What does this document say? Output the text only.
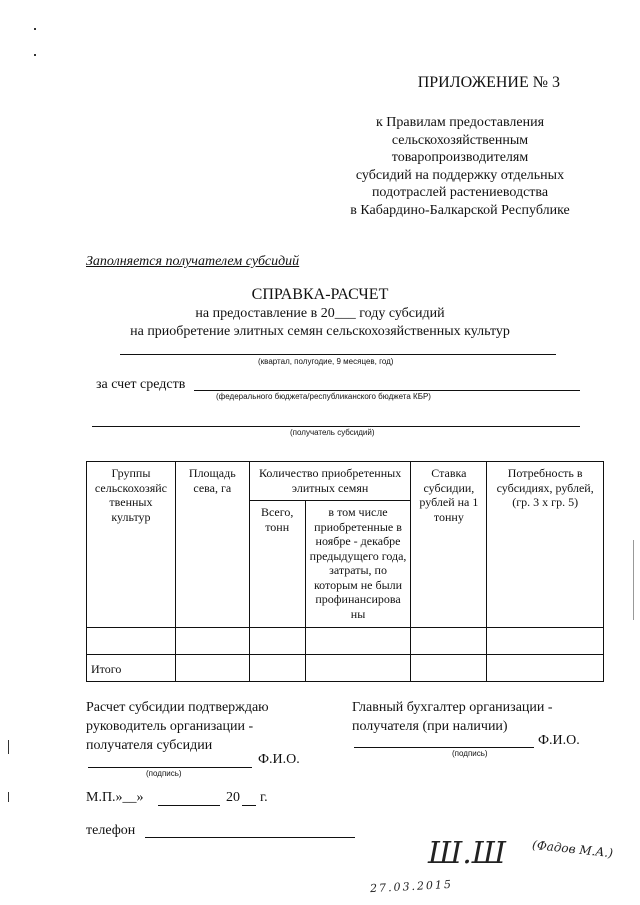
ПРИЛОЖЕНИЕ № 3
к Правилам предоставления
сельскохозяйственным
товаропроизводителям
субсидий на поддержку отдельных
подотраслей растениеводства
в Кабардино-Балкарской Республике
Заполняется получателем субсидий
СПРАВКА-РАСЧЕТ
на предоставление в 20___ году субсидий
на приобретение элитных семян сельскохозяйственных культур
(квартал, полугодие, 9 месяцев, год)
за счет средств
(федерального бюджета/республиканского бюджета КБР)
(получатель субсидий)
Группы сельскохозяйс твенных культур	Площадь сева, га	Количество приобретенных элитных семян		Ставка субсидии, рублей на 1 тонну	Потребность в субсидиях, рублей, (гр. 3 х гр. 5)
		Всего, тонн	в том числе приобретенные в ноябре - декабре предыдущего года, затраты, по которым не были профинансирова ны		

Итого					
Расчет субсидии подтверждаю
руководитель организации -
получателя субсидии
Ф.И.О.
(подпись)
Главный бухгалтер организации -
получателя (при наличии)
Ф.И.О.
(подпись)
М.П.»__»	20 г.
телефон
Ш.Ш (Фадов М.А.)
27.03.2015
